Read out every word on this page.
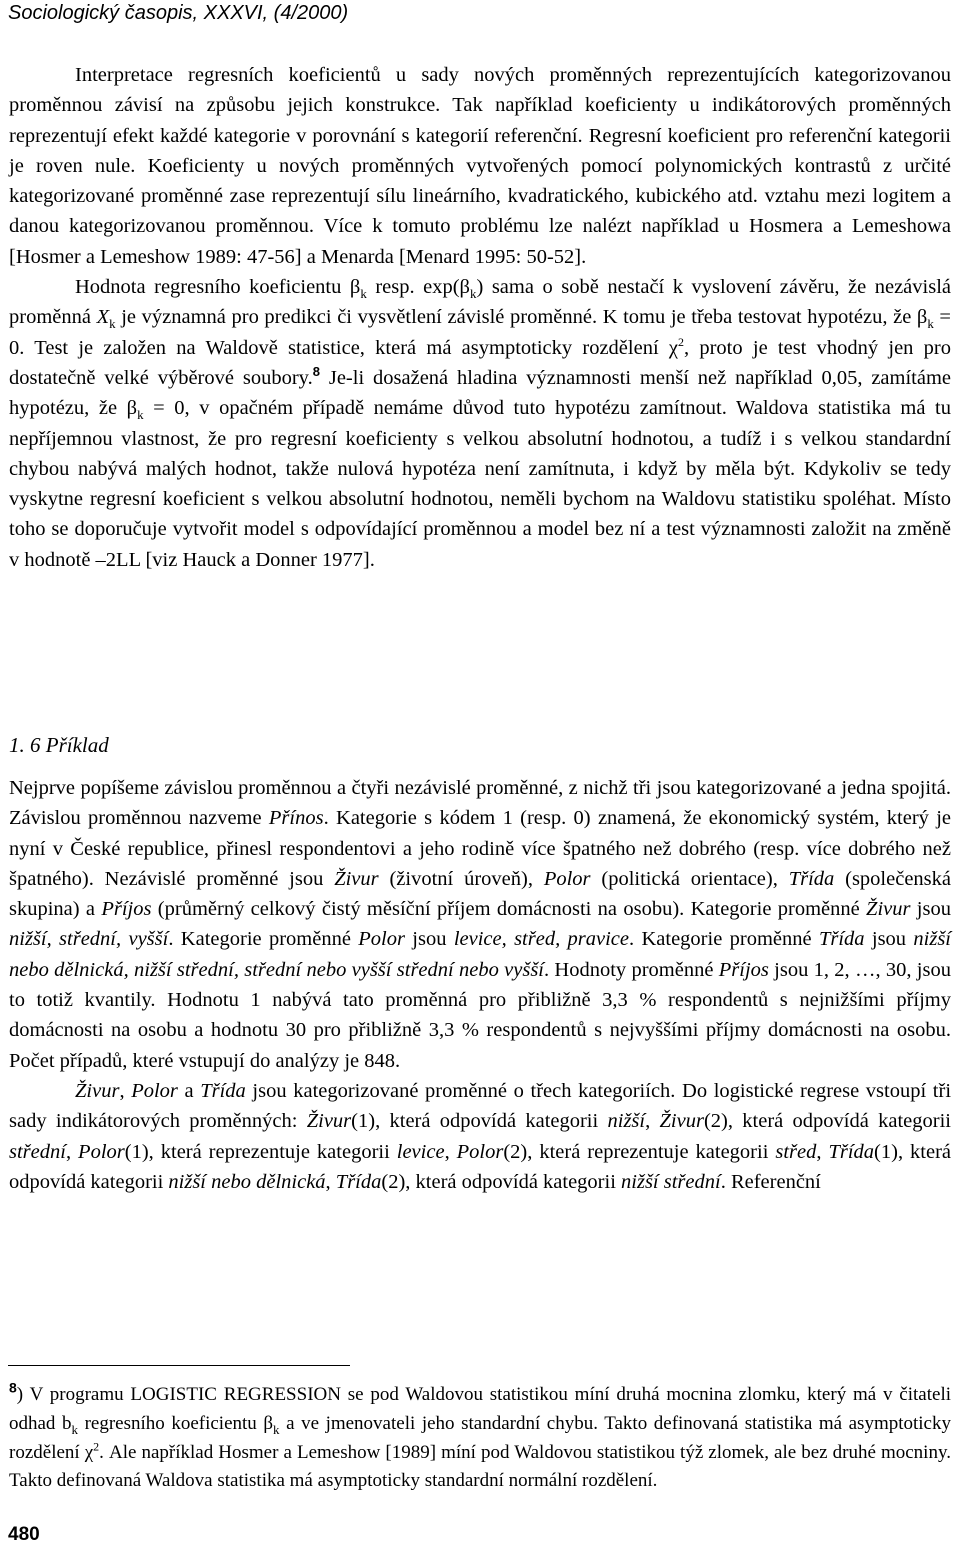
Sociologický časopis, XXXVI, (4/2000)

Interpretace regresních koeficientů u sady nových proměnných reprezentujících kategorizovanou proměnnou závisí na způsobu jejich konstrukce. Tak například koeficienty u indikátorových proměnných reprezentují efekt každé kategorie v porovnání s kategorií referenční. Regresní koeficient pro referenční kategorii je roven nule. Koeficienty u nových proměnných vytvořených pomocí polynomických kontrastů z určité kategorizované proměnné zase reprezentují sílu lineárního, kvadratického, kubického atd. vztahu mezi logitem a danou kategorizovanou proměnnou. Více k tomuto problému lze nalézt například u Hosmera a Lemeshowa [Hosmer a Lemeshow 1989: 47-56] a Menarda [Menard 1995: 50-52].

Hodnota regresního koeficientu $\beta_k$ resp. $\exp(\beta_k)$ sama o sobě nestačí k vyslovení závěru, že nezávislá proměnná $X_k$ je významná pro predikci či vysvětlení závislé proměnné. K tomu je třeba testovat hypotézu, že $\beta_k = 0$. Test je založen na Waldově statistice, která má asymptoticky rozdělení $\chi^2$, proto je test vhodný jen pro dostatečně velké výběrové soubory.$^8$ Je-li dosažená hladina významnosti menší než například 0,05, zamítáme hypotézu, že $\beta_k = 0$, v opačném případě nemáme důvod tuto hypotézu zamítnout. Waldova statistika má tu nepříjemnou vlastnost, že pro regresní koeficienty s velkou absolutní hodnotou, a tudíž i s velkou standardní chybou nabývá malých hodnot, takže nulová hypotéza není zamítnuta, i když by měla být. Kdykoliv se tedy vyskytne regresní koeficient s velkou absolutní hodnotou, neměli bychom na Waldovu statistiku spoléhat. Místo toho se doporučuje vytvořit model s odpovídající proměnnou a model bez ní a test významnosti založit na změně v hodnotě –2LL [viz Hauck a Donner 1977].

1. 6 Příklad

Nejprve popíšeme závislou proměnnou a čtyři nezávislé proměnné, z nichž tři jsou kategorizované a jedna spojitá. Závislou proměnnou nazveme Přínos. Kategorie s kódem 1 (resp. 0) znamená, že ekonomický systém, který je nyní v České republice, přinesl respondentovi a jeho rodině více špatného než dobrého (resp. více dobrého než špatného). Nezávislé proměnné jsou Živur (životní úroveň), Polor (politická orientace), Třída (společenská skupina) a Příjos (průměrný celkový čistý měsíční příjem domácnosti na osobu). Kategorie proměnné Živur jsou nižší, střední, vyšší. Kategorie proměnné Polor jsou levice, střed, pravice. Kategorie proměnné Třída jsou nižší nebo dělnická, nižší střední, střední nebo vyšší střední nebo vyšší. Hodnoty proměnné Příjos jsou 1, 2, …, 30, jsou to totiž kvantily. Hodnotu 1 nabývá tato proměnná pro přibližně 3,3 % respondentů s nejnižšími příjmy domácnosti na osobu a hodnotu 30 pro přibližně 3,3 % respondentů s nejvyššími příjmy domácnosti na osobu. Počet případů, které vstupují do analýzy je 848.

Živur, Polor a Třída jsou kategorizované proměnné o třech kategoriích. Do logistické regrese vstoupí tři sady indikátorových proměnných: Živur(1), která odpovídá kategorii nižší, Živur(2), která odpovídá kategorii střední, Polor(1), která reprezentuje kategorii levice, Polor(2), která reprezentuje kategorii střed, Třída(1), která odpovídá kategorii nižší nebo dělnická, Třída(2), která odpovídá kategorii nižší střední. Referenční

$^8$) V programu LOGISTIC REGRESSION se pod Waldovou statistikou míní druhá mocnina zlomku, který má v čitateli odhad $b_k$ regresního koeficientu $\beta_k$ a ve jmenovateli jeho standardní chybu. Takto definovaná statistika má asymptoticky rozdělení $\chi^2$. Ale například Hosmer a Lemeshow [1989] míní pod Waldovou statistikou týž zlomek, ale bez druhé mocniny. Takto definovaná Waldova statistika má asymptoticky standardní normální rozdělení.
480
